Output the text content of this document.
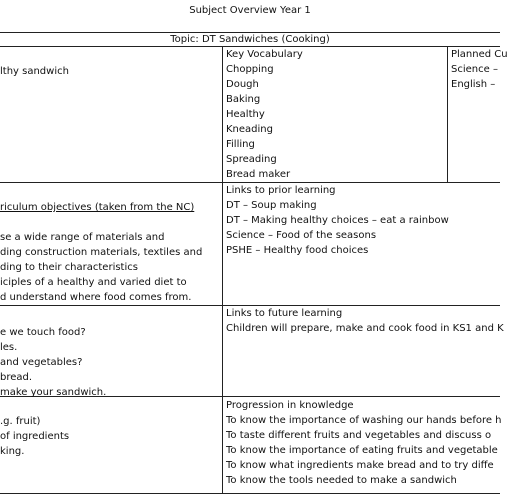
Subject Overview Year 1
Topic: DT Sandwiches (Cooking)
lthy sandwich
Key Vocabulary
Chopping
Dough
Baking
Healthy
Kneading
Filling
Spreading
Bread maker
Planned Cu
Science –
English –
riculum objectives (taken from the NC)
se a wide range of materials and
ding construction materials, textiles and
ding to their characteristics
iciples of a healthy and varied diet to
d understand where food comes from.
Links to prior learning
DT – Soup making
DT – Making healthy choices – eat a rainbow
Science – Food of the seasons
PSHE – Healthy food choices
e we touch food?
les.
and vegetables?
bread.
make your sandwich.
Links to future learning
Children will prepare, make and cook food in KS1 and K
.g. fruit)
of ingredients
king.
Progression in knowledge
To know the importance of washing our hands before h
To taste different fruits and vegetables and discuss o
To know the importance of eating fruits and vegetable
To know what ingredients make bread and to try diffe
To know the tools needed to make a sandwich
